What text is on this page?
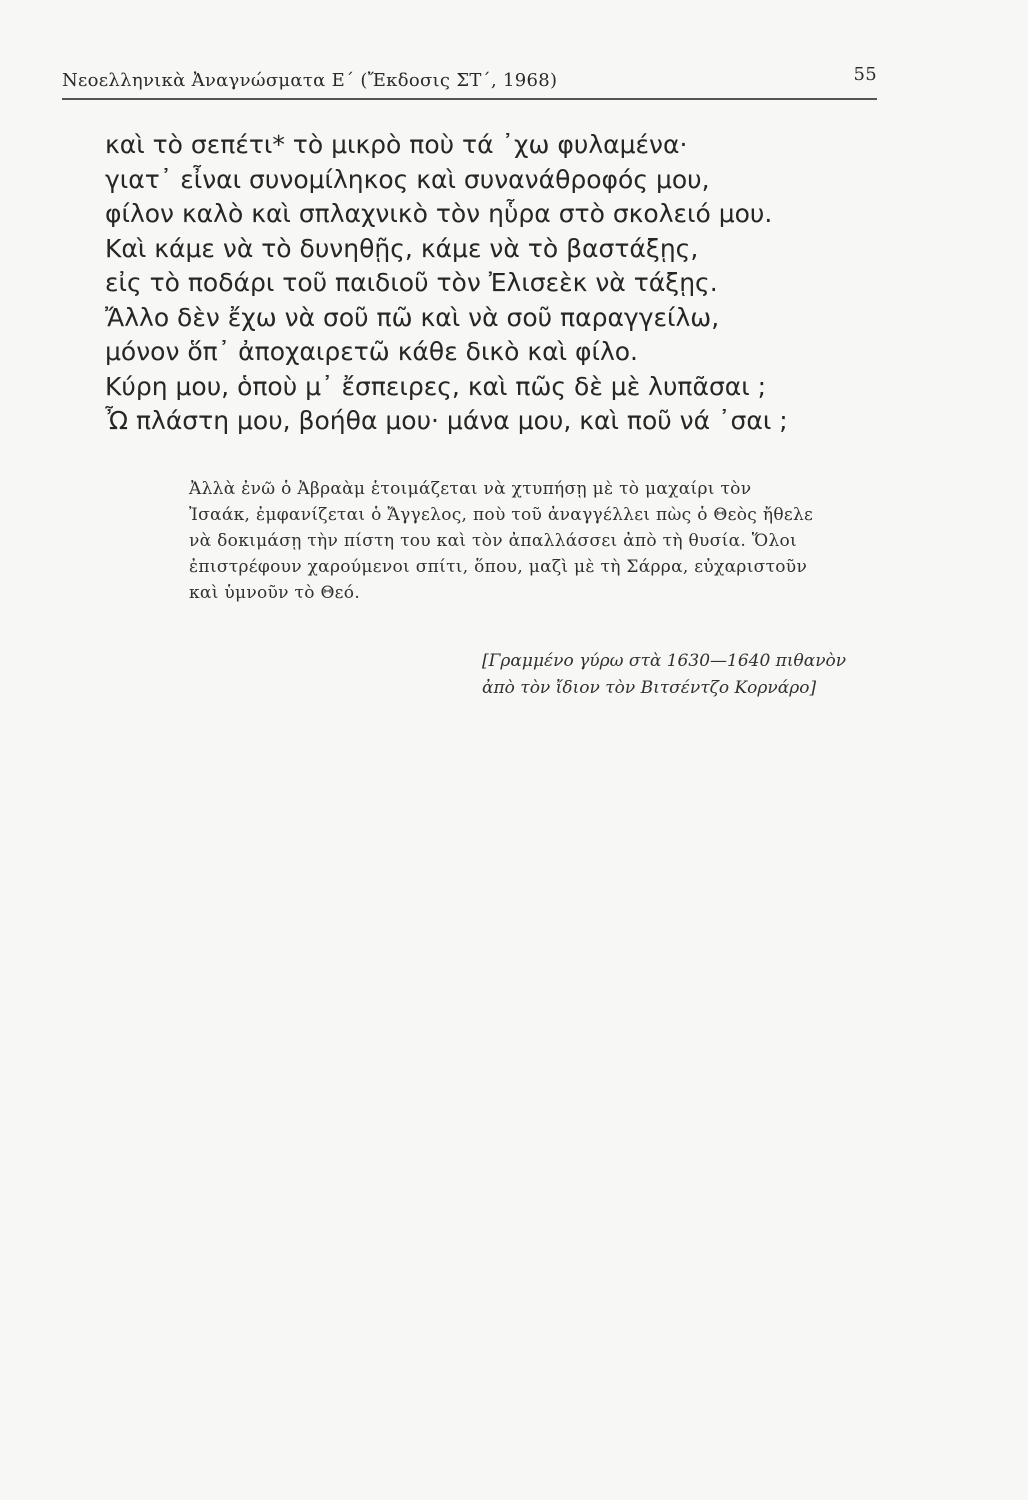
Νεοελληνικὰ Ἀναγνώσματα Ε΄ (Ἔκδοσις ΣΤ΄, 1968)	55
καὶ τὸ σεπέτι* τὸ μικρὸ ποὺ τά ᾽χω φυλαμένα·
γιατ᾽ εἶναι συνομίληκος καὶ συνανάθροφός μου,
φίλον καλὸ καὶ σπλαχνικὸ τὸν ηὗρα στὸ σκολειό μου.
Καὶ κάμε νὰ τὸ δυνηθῇς, κάμε νὰ τὸ βαστάξῃς,
εἰς τὸ ποδάρι τοῦ παιδιοῦ τὸν Ἐλισεὲκ νὰ τάξῃς.
Ἄλλο δὲν ἔχω νὰ σοῦ πῶ καὶ νὰ σοῦ παραγγείλω,
μόνον ὅπ᾽ ἀποχαιρετῶ κάθε δικὸ καὶ φίλο.
Κύρη μου, ὁποὺ μ᾽ ἔσπειρες, καὶ πῶς δὲ μὲ λυπᾶσαι ;
Ὦ πλάστη μου, βοήθα μου· μάνα μου, καὶ ποῦ νά ᾽σαι ;
Ἀλλὰ ἐνῶ ὁ Ἀβραὰμ ἑτοιμάζεται νὰ χτυπήσῃ μὲ τὸ μαχαίρι τὸν
Ἰσαάκ, ἐμφανίζεται ὁ Ἄγγελος, ποὺ τοῦ ἀναγγέλλει πὼς ὁ Θεὸς ἤθελε
νὰ δοκιμάσῃ τὴν πίστη του καὶ τὸν ἀπαλλάσσει ἀπὸ τὴ θυσία. Ὅλοι
ἐπιστρέφουν χαρούμενοι σπίτι, ὅπου, μαζὶ μὲ τὴ Σάρρα, εὐχαριστοῦν
καὶ ὑμνοῦν τὸ Θεό.
[Γραμμένο γύρω στὰ 1630—1640 πιθανὸν
ἀπὸ τὸν ἴδιον τὸν Βιτσέντζο Κορνάρο]
